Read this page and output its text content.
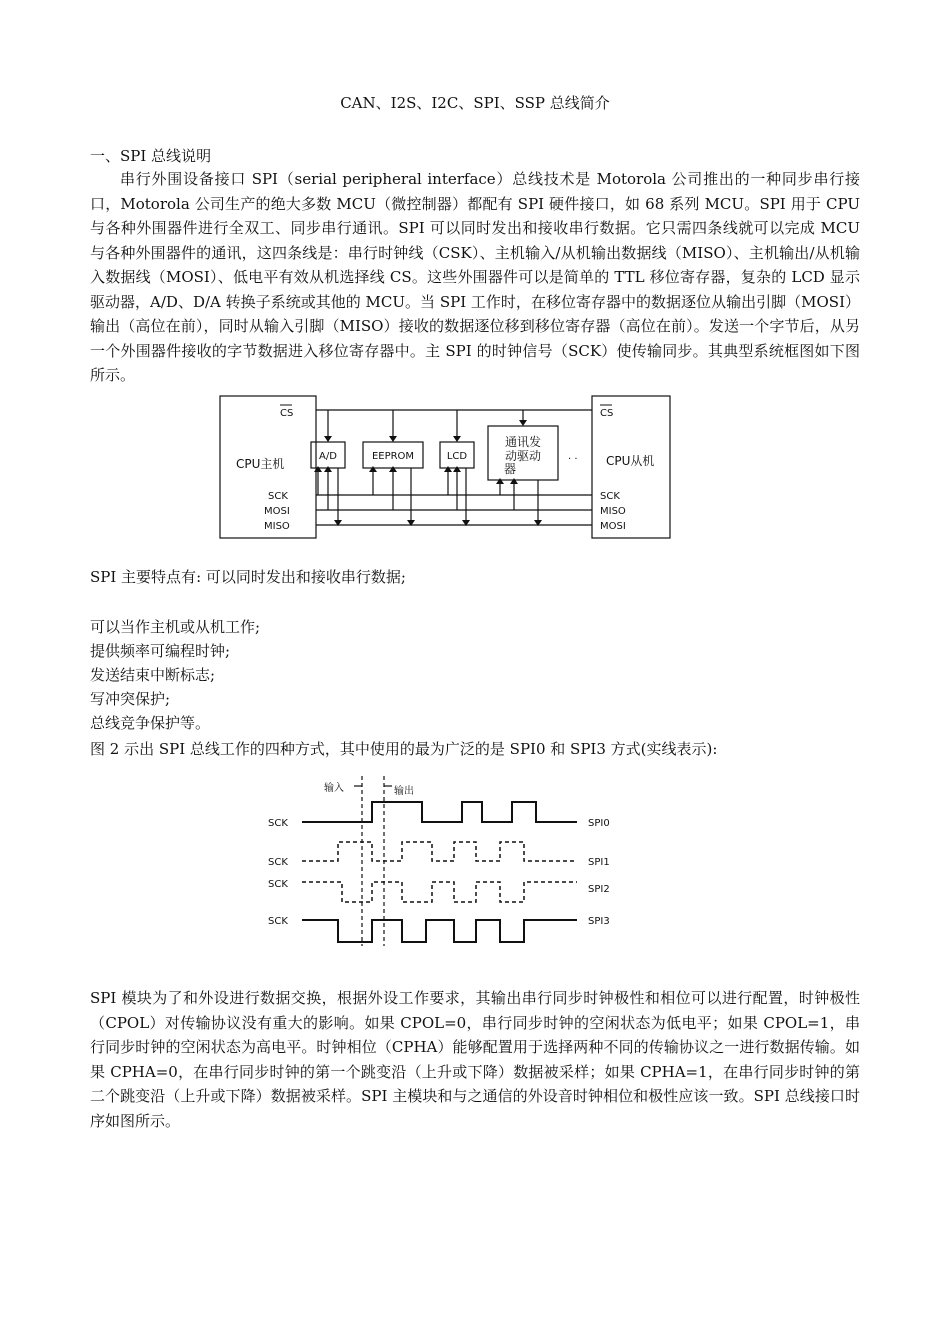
CAN、I2S、I2C、SPI、SSP 总线简介
一、SPI 总线说明
串行外围设备接口 SPI（serial peripheral interface）总线技术是 Motorola 公司推出的一种同步串行接口，Motorola 公司生产的绝大多数 MCU（微控制器）都配有 SPI 硬件接口，如 68 系列 MCU。SPI 用于 CPU 与各种外围器件进行全双工、同步串行通讯。SPI 可以同时发出和接收串行数据。它只需四条线就可以完成 MCU 与各种外围器件的通讯，这四条线是：串行时钟线（CSK）、主机输入/从机输出数据线（MISO）、主机输出/从机输入数据线（MOSI）、低电平有效从机选择线 CS。这些外围器件可以是简单的 TTL 移位寄存器，复杂的 LCD 显示驱动器，A/D、D/A 转换子系统或其他的 MCU。当 SPI 工作时，在移位寄存器中的数据逐位从输出引脚（MOSI）输出（高位在前），同时从输入引脚（MISO）接收的数据逐位移到移位寄存器（高位在前）。发送一个字节后，从另一个外围器件接收的字节数据进入移位寄存器中。主 SPI 的时钟信号（SCK）使传输同步。其典型系统框图如下图所示。
CS
CPU主机
SCK
MOSI
MISO
A/D	EEPROM	LCD
通讯发
动驱动
器
· ·
CS
CPU从机
SCK
MISO
MOSI
SPI 主要特点有: 可以同时发出和接收串行数据;
可以当作主机或从机工作;
提供频率可编程时钟;
发送结束中断标志;
写冲突保护;
总线竞争保护等。
图 2 示出 SPI 总线工作的四种方式，其中使用的最为广泛的是 SPI0 和 SPI3 方式(实线表示):
输入	输出
SCK	SPI0
SCK	SPI1
SCK	SPI2
SCK	SPI3
SPI 模块为了和外设进行数据交换，根据外设工作要求，其输出串行同步时钟极性和相位可以进行配置，时钟极性（CPOL）对传输协议没有重大的影响。如果 CPOL=0，串行同步时钟的空闲状态为低电平；如果 CPOL=1，串行同步时钟的空闲状态为高电平。时钟相位（CPHA）能够配置用于选择两种不同的传输协议之一进行数据传输。如果 CPHA=0，在串行同步时钟的第一个跳变沿（上升或下降）数据被采样；如果 CPHA=1，在串行同步时钟的第二个跳变沿（上升或下降）数据被采样。SPI 主模块和与之通信的外设音时钟相位和极性应该一致。SPI 总线接口时序如图所示。
